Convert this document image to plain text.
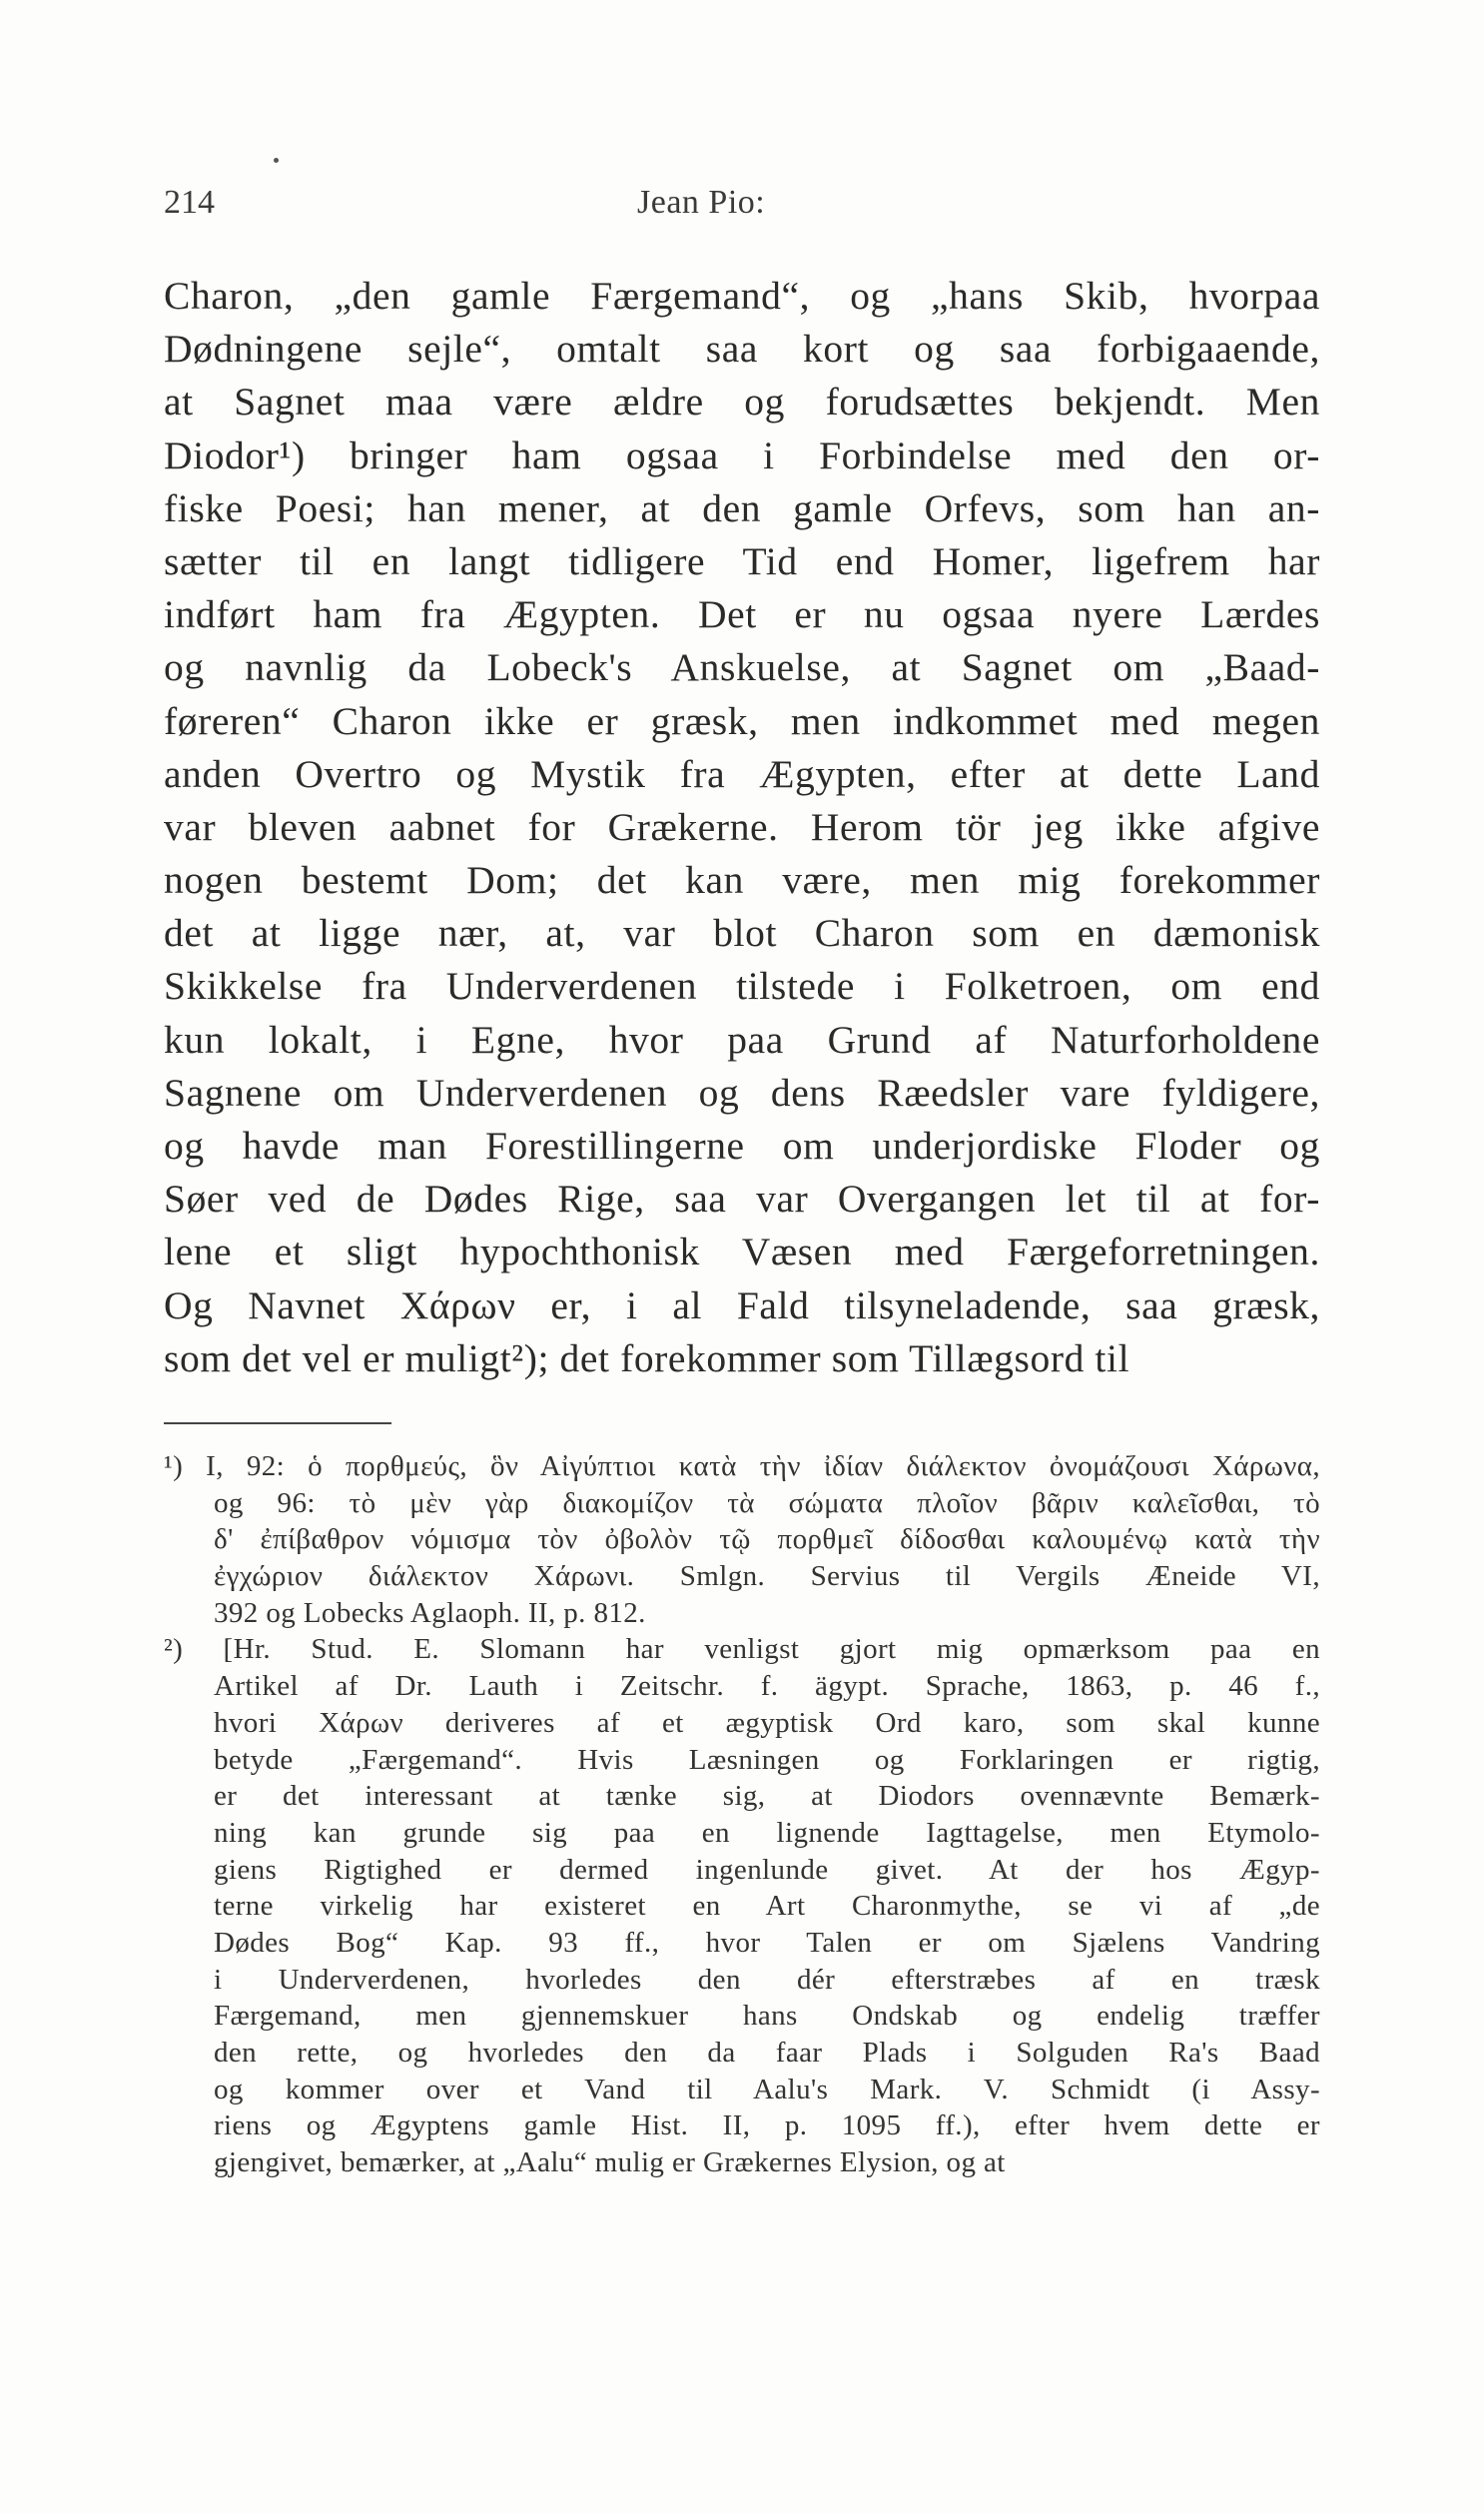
214	Jean Pio:
Charon, „den gamle Færgemand“, og „hans Skib, hvorpaa
Dødningene sejle“, omtalt saa kort og saa forbigaaende,
at Sagnet maa være ældre og forudsættes bekjendt. Men
Diodor¹) bringer ham ogsaa i Forbindelse med den or-
fiske Poesi; han mener, at den gamle Orfevs, som han an-
sætter til en langt tidligere Tid end Homer, ligefrem har
indført ham fra Ægypten. Det er nu ogsaa nyere Lærdes
og navnlig da Lobeck's Anskuelse, at Sagnet om „Baad-
føreren“ Charon ikke er græsk, men indkommet med megen
anden Overtro og Mystik fra Ægypten, efter at dette Land
var bleven aabnet for Grækerne. Herom tör jeg ikke afgive
nogen bestemt Dom; det kan være, men mig forekommer
det at ligge nær, at, var blot Charon som en dæmonisk
Skikkelse fra Underverdenen tilstede i Folketroen, om end
kun lokalt, i Egne, hvor paa Grund af Naturforholdene
Sagnene om Underverdenen og dens Ræedsler vare fyldigere,
og havde man Forestillingerne om underjordiske Floder og
Søer ved de Dødes Rige, saa var Overgangen let til at for-
lene et sligt hypochthonisk Væsen med Færgeforretningen.
Og Navnet Χάρων er, i al Fald tilsyneladende, saa græsk,
som det vel er muligt²); det forekommer som Tillægsord til
¹) I, 92: ὁ πορθμεύς, ὃν Αἰγύπτιοι κατὰ τὴν ἰδίαν διάλεκτον ὀνομάζουσι Χάρωνα,
og 96: τὸ μὲν γὰρ διακομίζον τὰ σώματα πλοῖον βᾶριν καλεῖσθαι, τὸ
δ' ἐπίβαθρον νόμισμα τὸν ὀβολὸν τῷ πορθμεῖ δίδοσθαι καλουμένῳ κατὰ τὴν
ἐγχώριον διάλεκτον Χάρωνι. Smlgn. Servius til Vergils Æneide VI,
392 og Lobecks Aglaoph. II, p. 812.
²) [Hr. Stud. E. Slomann har venligst gjort mig opmærksom paa en
Artikel af Dr. Lauth i Zeitschr. f. ägypt. Sprache, 1863, p. 46 f.,
hvori Χάρων deriveres af et ægyptisk Ord karo, som skal kunne
betyde „Færgemand“. Hvis Læsningen og Forklaringen er rigtig,
er det interessant at tænke sig, at Diodors ovennævnte Bemærk-
ning kan grunde sig paa en lignende Iagttagelse, men Etymolo-
giens Rigtighed er dermed ingenlunde givet. At der hos Ægyp-
terne virkelig har existeret en Art Charonmythe, se vi af „de
Dødes Bog“ Kap. 93 ff., hvor Talen er om Sjælens Vandring
i Underverdenen, hvorledes den dér efterstræbes af en træsk
Færgemand, men gjennemskuer hans Ondskab og endelig træffer
den rette, og hvorledes den da faar Plads i Solguden Ra's Baad
og kommer over et Vand til Aalu's Mark. V. Schmidt (i Assy-
riens og Ægyptens gamle Hist. II, p. 1095 ff.), efter hvem dette er
gjengivet, bemærker, at „Aalu“ mulig er Grækernes Elysion, og at
